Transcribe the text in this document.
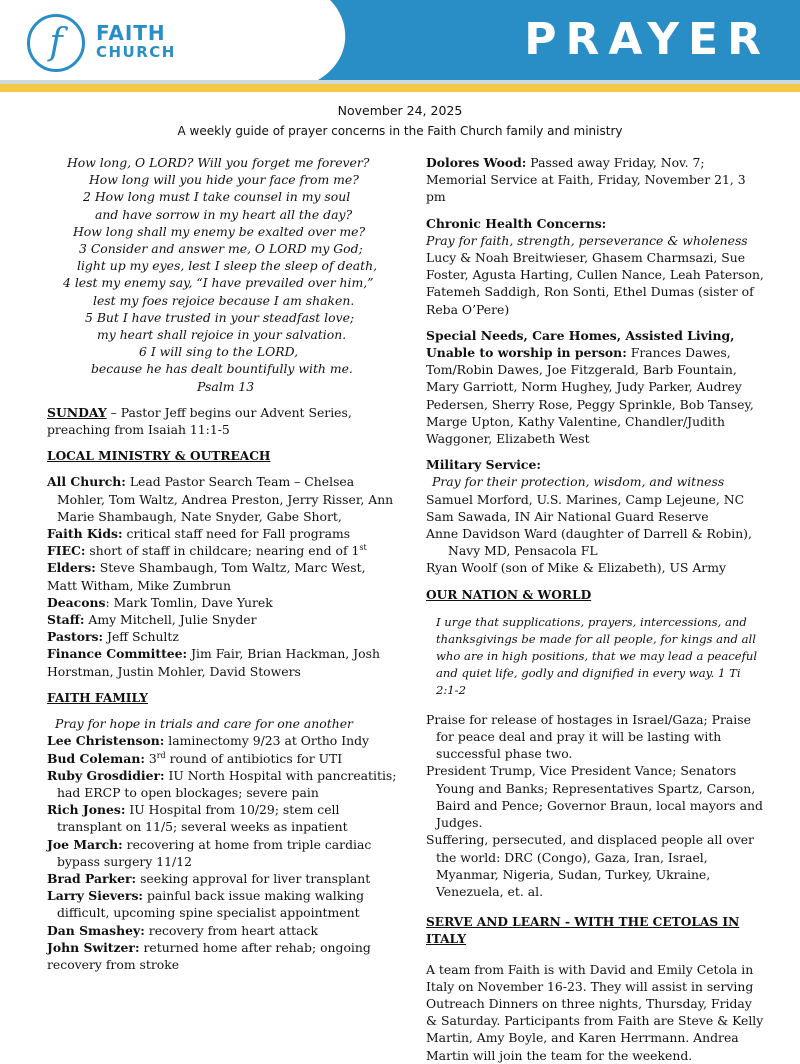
f	FAITH
CHURCH	PRAYER
November 24, 2025
A weekly guide of prayer concerns in the Faith Church family and ministry
How long, O LORD? Will you forget me forever?
How long will you hide your face from me?
2 How long must I take counsel in my soul
and have sorrow in my heart all the day?
How long shall my enemy be exalted over me?
3 Consider and answer me, O LORD my God;
light up my eyes, lest I sleep the sleep of death,
4 lest my enemy say, “I have prevailed over him,”
lest my foes rejoice because I am shaken.
5 But I have trusted in your steadfast love;
my heart shall rejoice in your salvation.
6 I will sing to the LORD,
because he has dealt bountifully with me.
Psalm 13

SUNDAY – Pastor Jeff begins our Advent Series, preaching from Isaiah 11:1-5

LOCAL MINISTRY & OUTREACH

All Church: Lead Pastor Search Team – Chelsea Mohler, Tom Waltz, Andrea Preston, Jerry Risser, Ann Marie Shambaugh, Nate Snyder, Gabe Short,

Faith Kids: critical staff need for Fall programs

FIEC: short of staff in childcare; nearing end of 1st

Elders: Steve Shambaugh, Tom Waltz, Marc West, Matt Witham, Mike Zumbrun

Deacons: Mark Tomlin, Dave Yurek

Staff: Amy Mitchell, Julie Snyder

Pastors: Jeff Schultz

Finance Committee: Jim Fair, Brian Hackman, Josh Horstman, Justin Mohler, David Stowers

FAITH FAMILY

Pray for hope in trials and care for one another

Lee Christenson: laminectomy 9/23 at Ortho Indy

Bud Coleman: 3rd round of antibiotics for UTI

Ruby Grosdidier: IU North Hospital with pancreatitis; had ERCP to open blockages; severe pain

Rich Jones: IU Hospital from 10/29; stem cell transplant on 11/5; several weeks as inpatient

Joe March: recovering at home from triple cardiac bypass surgery 11/12

Brad Parker: seeking approval for liver transplant

Larry Sievers: painful back issue making walking difficult, upcoming spine specialist appointment

Dan Smashey: recovery from heart attack

John Switzer: returned home after rehab; ongoing recovery from stroke

Dolores Wood: Passed away Friday, Nov. 7; Memorial Service at Faith, Friday, November 21, 3 pm

Chronic Health Concerns:
Pray for faith, strength, perseverance & wholeness
Lucy & Noah Breitwieser, Ghasem Charmsazi, Sue Foster, Agusta Harting, Cullen Nance, Leah Paterson, Fatemeh Saddigh, Ron Sonti, Ethel Dumas (sister of Reba O’Pere)

Special Needs, Care Homes, Assisted Living, Unable to worship in person: Frances Dawes, Tom/Robin Dawes, Joe Fitzgerald, Barb Fountain, Mary Garriott, Norm Hughey, Judy Parker, Audrey Pedersen, Sherry Rose, Peggy Sprinkle, Bob Tansey, Marge Upton, Kathy Valentine, Chandler/Judith Waggoner, Elizabeth West

Military Service:
Pray for their protection, wisdom, and witness

Samuel Morford, U.S. Marines, Camp Lejeune, NC

Sam Sawada, IN Air National Guard Reserve

Anne Davidson Ward (daughter of Darrell & Robin), Navy MD, Pensacola FL

Ryan Woolf (son of Mike & Elizabeth), US Army

OUR NATION & WORLD
I urge that supplications, prayers, intercessions, and thanksgivings be made for all people, for kings and all who are in high positions, that we may lead a peaceful and quiet life, godly and dignified in every way. 1 Ti 2:1-2

Praise for release of hostages in Israel/Gaza; Praise for peace deal and pray it will be lasting with successful phase two.

President Trump, Vice President Vance; Senators Young and Banks; Representatives Spartz, Carson, Baird and Pence; Governor Braun, local mayors and Judges.

Suffering, persecuted, and displaced people all over the world: DRC (Congo), Gaza, Iran, Israel, Myanmar, Nigeria, Sudan, Turkey, Ukraine, Venezuela, et. al.

SERVE AND LEARN - WITH THE CETOLAS IN ITALY

A team from Faith is with David and Emily Cetola in Italy on November 16-23. They will assist in serving Outreach Dinners on three nights, Thursday, Friday & Saturday. Participants from Faith are Steve & Kelly Martin, Amy Boyle, and Karen Herrmann. Andrea Martin will join the team for the weekend.
